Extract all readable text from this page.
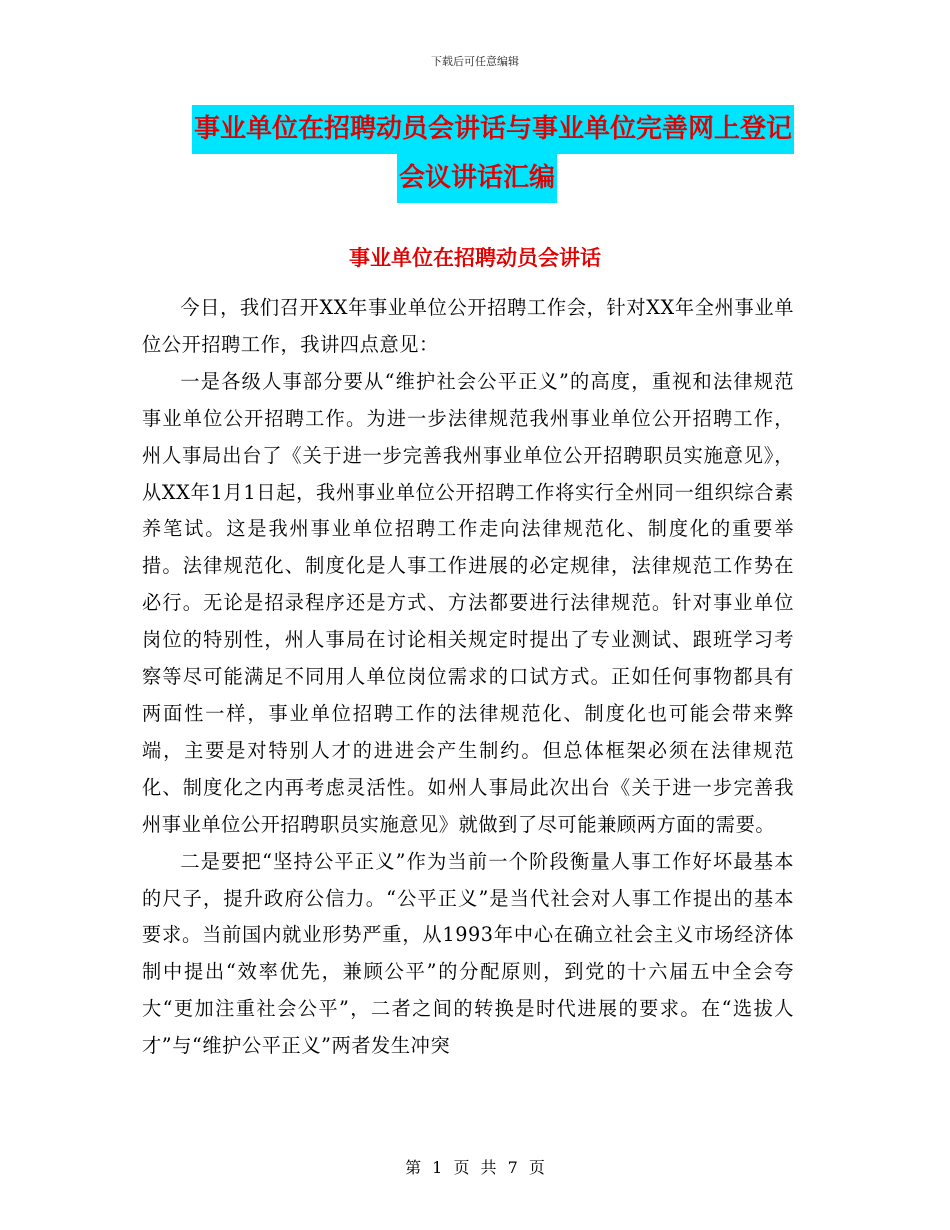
下载后可任意编辑
事业单位在招聘动员会讲话与事业单位完善网上登记
会议讲话汇编
事业单位在招聘动员会讲话

今日，我们召开XX年事业单位公开招聘工作会，针对XX年全州事业单位公开招聘工作，我讲四点意见：

一是各级人事部分要从“维护社会公平正义”的高度，重视和法律规范事业单位公开招聘工作。为进一步法律规范我州事业单位公开招聘工作，州人事局出台了《关于进一步完善我州事业单位公开招聘职员实施意见》，从XX年1月1日起，我州事业单位公开招聘工作将实行全州同一组织综合素养笔试。这是我州事业单位招聘工作走向法律规范化、制度化的重要举措。法律规范化、制度化是人事工作进展的必定规律，法律规范工作势在必行。无论是招录程序还是方式、方法都要进行法律规范。针对事业单位岗位的特别性，州人事局在讨论相关规定时提出了专业测试、跟班学习考察等尽可能满足不同用人单位岗位需求的口试方式。正如任何事物都具有两面性一样，事业单位招聘工作的法律规范化、制度化也可能会带来弊端，主要是对特别人才的进进会产生制约。但总体框架必须在法律规范化、制度化之内再考虑灵活性。如州人事局此次出台《关于进一步完善我州事业单位公开招聘职员实施意见》就做到了尽可能兼顾两方面的需要。

二是要把“坚持公平正义”作为当前一个阶段衡量人事工作好坏最基本的尺子，提升政府公信力。“公平正义”是当代社会对人事工作提出的基本要求。当前国内就业形势严重，从1993年中心在确立社会主义市场经济体制中提出“效率优先，兼顾公平”的分配原则，到党的十六届五中全会夸大“更加注重社会公平”，二者之间的转换是时代进展的要求。在“选拔人才”与“维护公平正义”两者发生冲突

第 1 页 共 7 页
